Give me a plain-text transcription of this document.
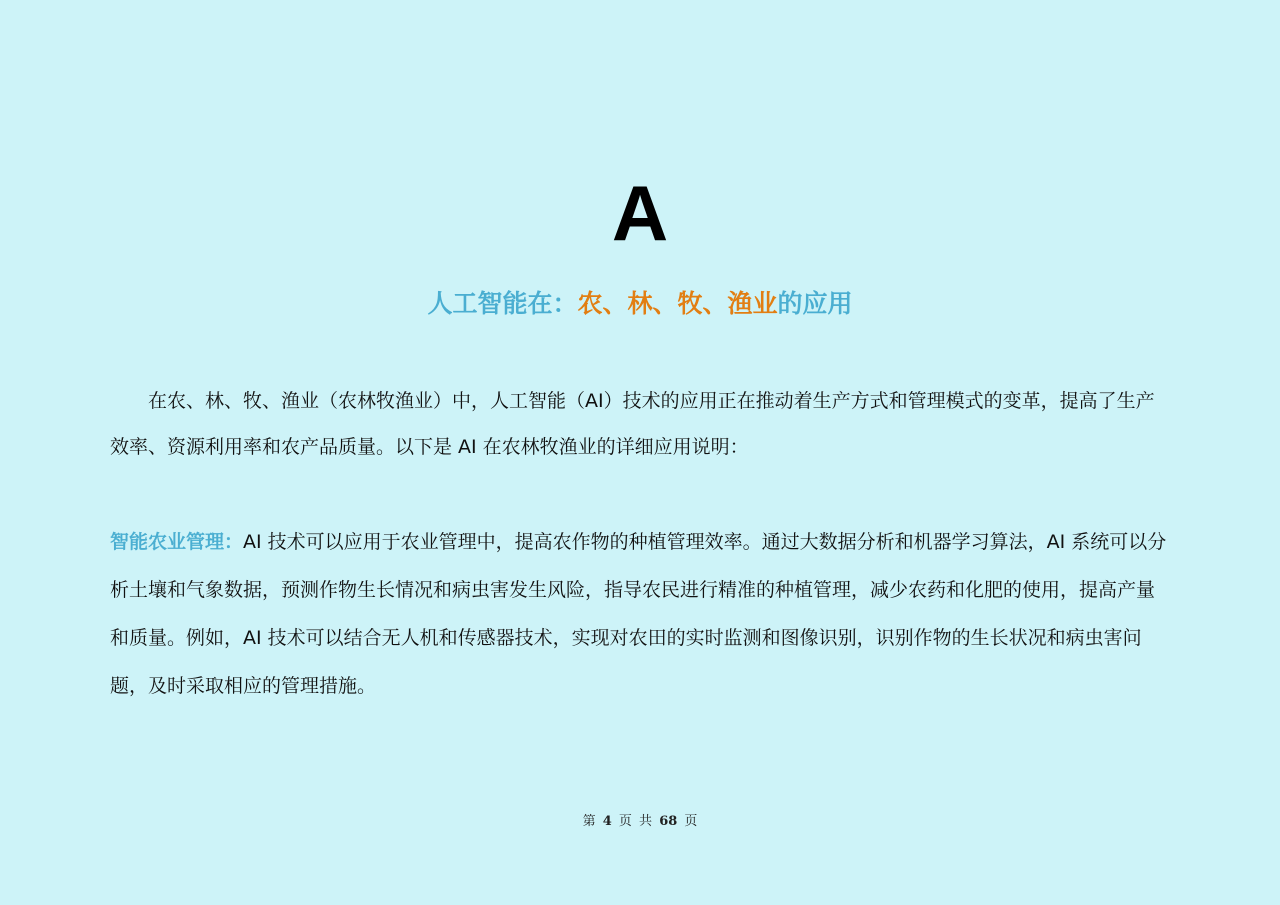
A
人工智能在：农、林、牧、渔业的应用

在农、林、牧、渔业（农林牧渔业）中，人工智能（AI）技术的应用正在推动着生产方式和管理模式的变革，提高了生产效率、资源利用率和农产品质量。以下是 AI 在农林牧渔业的详细应用说明：

智能农业管理：AI 技术可以应用于农业管理中，提高农作物的种植管理效率。通过大数据分析和机器学习算法，AI 系统可以分析土壤和气象数据，预测作物生长情况和病虫害发生风险，指导农民进行精准的种植管理，减少农药和化肥的使用，提高产量和质量。例如，AI 技术可以结合无人机和传感器技术，实现对农田的实时监测和图像识别，识别作物的生长状况和病虫害问题，及时采取相应的管理措施。

第 4 页 共 68 页
